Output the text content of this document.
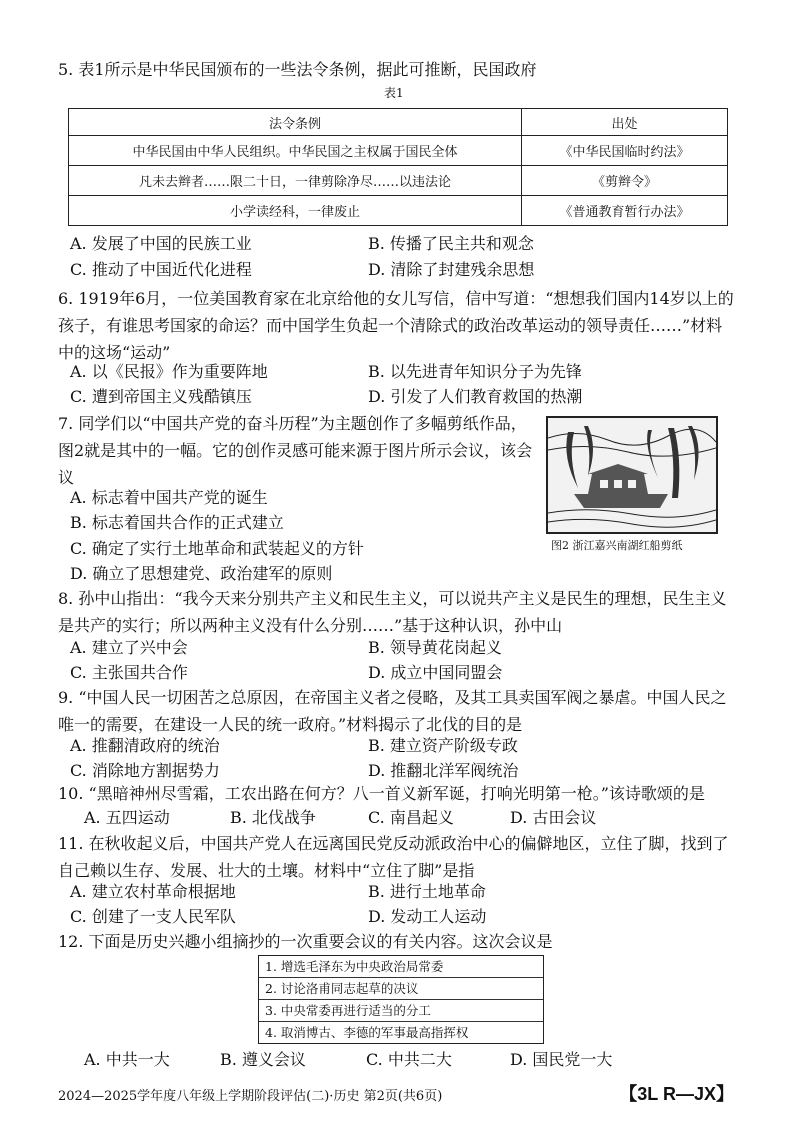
5. 表1所示是中华民国颁布的一些法令条例，据此可推断，民国政府
表1
法令条例	出处
中华民国由中华人民组织。中华民国之主权属于国民全体	《中华民国临时约法》
凡未去辫者……限二十日，一律剪除净尽……以违法论	《剪辫令》
小学读经科，一律废止	《普通教育暂行办法》
A. 发展了中国的民族工业	B. 传播了民主共和观念
C. 推动了中国近代化进程	D. 清除了封建残余思想
6. 1919年6月，一位美国教育家在北京给他的女儿写信，信中写道：“想想我们国内14岁以上的孩子，有谁思考国家的命运？而中国学生负起一个清除式的政治改革运动的领导责任……”材料中的这场“运动”
A. 以《民报》作为重要阵地	B. 以先进青年知识分子为先锋
C. 遭到帝国主义残酷镇压	D. 引发了人们教育救国的热潮
7. 同学们以“中国共产党的奋斗历程”为主题创作了多幅剪纸作品，图2就是其中的一幅。它的创作灵感可能来源于图片所示会议，该会议
图2 浙江嘉兴南湖红船剪纸
A. 标志着中国共产党的诞生
B. 标志着国共合作的正式建立
C. 确定了实行土地革命和武装起义的方针
D. 确立了思想建党、政治建军的原则
8. 孙中山指出：“我今天来分别共产主义和民生主义，可以说共产主义是民生的理想，民生主义是共产的实行；所以两种主义没有什么分别……”基于这种认识，孙中山
A. 建立了兴中会	B. 领导黄花岗起义
C. 主张国共合作	D. 成立中国同盟会
9. “中国人民一切困苦之总原因，在帝国主义者之侵略，及其工具卖国军阀之暴虐。中国人民之唯一的需要，在建设一人民的统一政府。”材料揭示了北伐的目的是
A. 推翻清政府的统治	B. 建立资产阶级专政
C. 消除地方割据势力	D. 推翻北洋军阀统治
10. “黑暗神州尽雪霜，工农出路在何方？八一首义新军诞，打响光明第一枪。”该诗歌颂的是
A. 五四运动	B. 北伐战争	C. 南昌起义	D. 古田会议
11. 在秋收起义后，中国共产党人在远离国民党反动派政治中心的偏僻地区，立住了脚，找到了自己赖以生存、发展、壮大的土壤。材料中“立住了脚”是指
A. 建立农村革命根据地	B. 进行土地革命
C. 创建了一支人民军队	D. 发动工人运动
12. 下面是历史兴趣小组摘抄的一次重要会议的有关内容。这次会议是
1. 增选毛泽东为中央政治局常委
2. 讨论洛甫同志起草的决议
3. 中央常委再进行适当的分工
4. 取消博古、李德的军事最高指挥权
A. 中共一大	B. 遵义会议	C. 中共二大	D. 国民党一大
2024—2025学年度八年级上学期阶段评估(二)·历史 第2页(共6页)	【3L R—JX】
